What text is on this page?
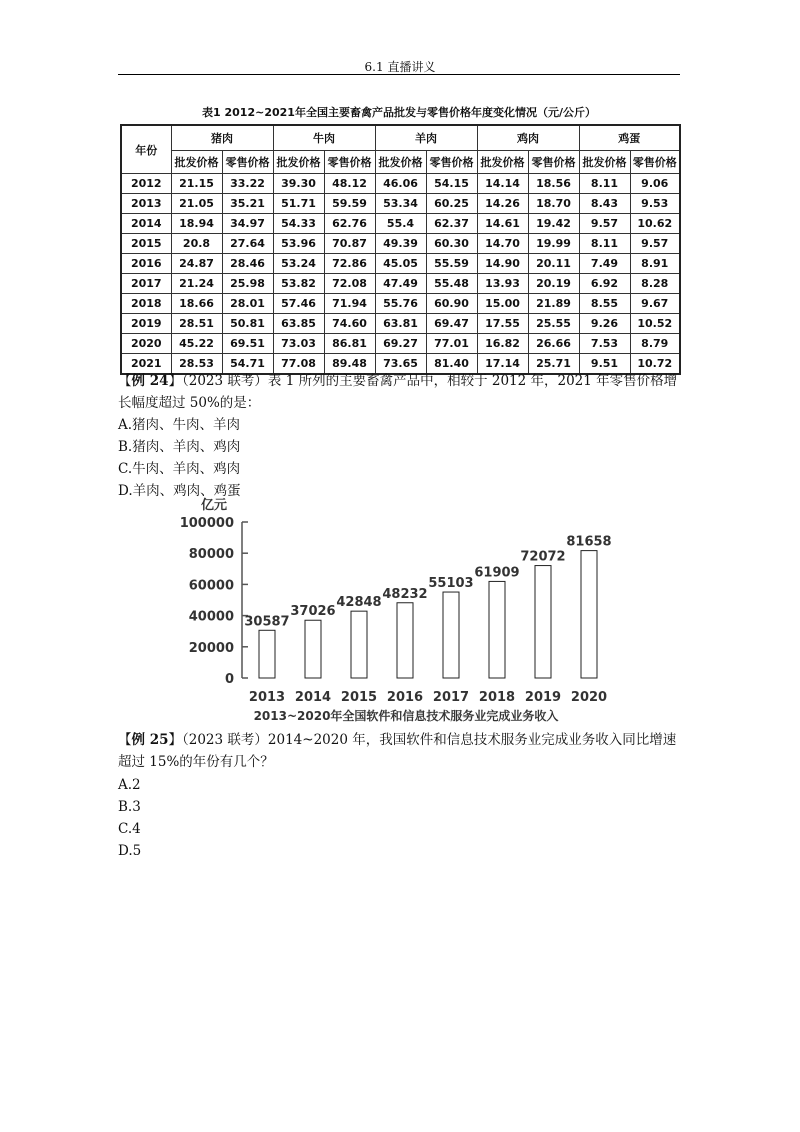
6.1 直播讲义
表1 2012~2021年全国主要畜禽产品批发与零售价格年度变化情况（元/公斤）
年份	猪肉		牛肉		羊肉		鸡肉		鸡蛋	
	批发价格	零售价格	批发价格	零售价格	批发价格	零售价格	批发价格	零售价格	批发价格	零售价格
2012	21.15	33.22	39.30	48.12	46.06	54.15	14.14	18.56	8.11	9.06
2013	21.05	35.21	51.71	59.59	53.34	60.25	14.26	18.70	8.43	9.53
2014	18.94	34.97	54.33	62.76	55.4	62.37	14.61	19.42	9.57	10.62
2015	20.8	27.64	53.96	70.87	49.39	60.30	14.70	19.99	8.11	9.57
2016	24.87	28.46	53.24	72.86	45.05	55.59	14.90	20.11	7.49	8.91
2017	21.24	25.98	53.82	72.08	47.49	55.48	13.93	20.19	6.92	8.28
2018	18.66	28.01	57.46	71.94	55.76	60.90	15.00	21.89	8.55	9.67
2019	28.51	50.81	63.85	74.60	63.81	69.47	17.55	25.55	9.26	10.52
2020	45.22	69.51	73.03	86.81	69.27	77.01	16.82	26.66	7.53	8.79
2021	28.53	54.71	77.08	89.48	73.65	81.40	17.14	25.71	9.51	10.72
【例 24】（2023 联考）表 1 所列的主要畜禽产品中，相较于 2012 年，2021 年零售价格增
长幅度超过 50%的是：
A.猪肉、牛肉、羊肉
B.猪肉、羊肉、鸡肉
C.牛肉、羊肉、鸡肉
D.羊肉、鸡肉、鸡蛋
亿元
0
20000
40000
60000
80000
100000
30587
37026
42848
48232
55103
61909
72072
81658
2013 2014 2015 2016 2017 2018 2019 2020
2013~2020年全国软件和信息技术服务业完成业务收入
【例 25】（2023 联考）2014~2020 年，我国软件和信息技术服务业完成业务收入同比增速
超过 15%的年份有几个？
A.2
B.3
C.4
D.5
